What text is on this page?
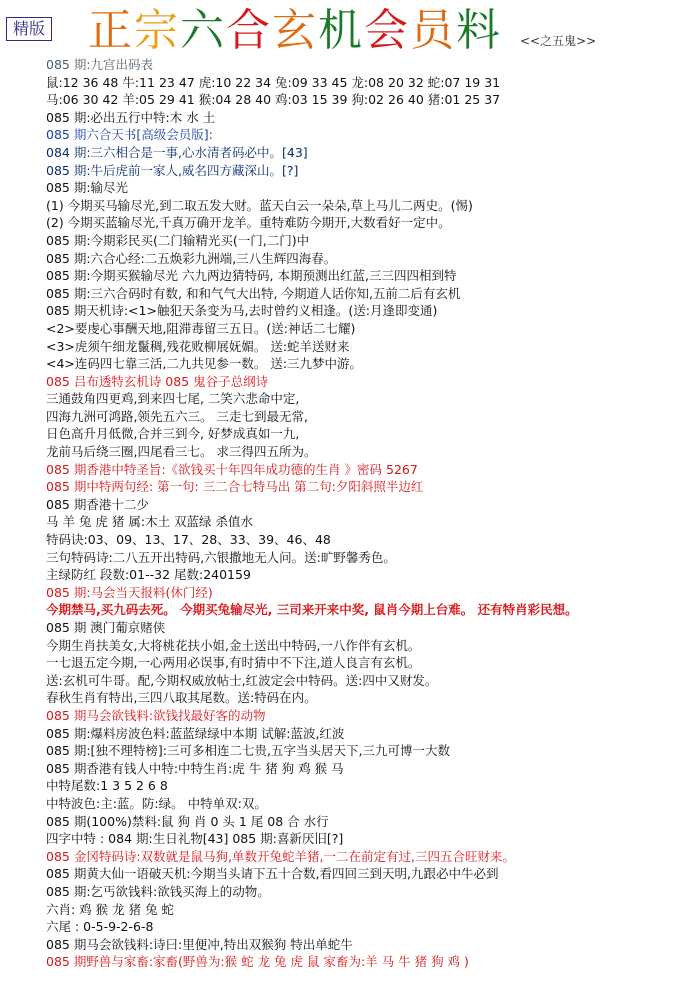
精版 正宗六合玄机会员料 <<之五鬼>>
085 期:九宫出码表
鼠:12 36 48 牛:11 23 47 虎:10 22 34 兔:09 33 45 龙:08 20 32 蛇:07 19 31
马:06 30 42 羊:05 29 41 猴:04 28 40 鸡:03 15 39 狗:02 26 40 猪:01 25 37
085 期:必出五行中特:木 水 土
085 期六合天书[高级会员版]:
084 期:三六相合是一事,心水清者码必中。[43]
085 期:牛后虎前一家人,威名四方藏深山。[?]
085 期:输尽光
(1) 今期买马输尽光,到二取五发大财。蓝天白云一朵朵,草上马儿二两史。(惕)
(2) 今期买蓝输尽光,千真万确开龙羊。重特难防今期开,大数看好一定中。
085 期:今期彩民买(二门输精光买(一门,二门)中
085 期:六合心经:二五焕彩九洲端,三八生辉四海春。
085 期:今期买猴输尽光 六九两边猜特码, 本期预测出红蓝,三三四四相到特
085 期:三六合码时有数, 和和气气大出特, 今期道人话你知,五前二后有玄机
085 期天机诗:<1>触犯天条变为马,去时曾约义相逢。(送:月逢即变通)
<2>要虔心事酬天地,阻滞毒留三五日。(送:神话二七耀)
<3>虎须午细龙鬣稠,残花败柳展妩媚。 送:蛇羊送财来
<4>连码四七靠三活,二九共见参一数。 送:三九梦中游。
085 吕布透特玄机诗 085 鬼谷子总纲诗
三通鼓角四更鸡,到来四七尾, 二笑六悲命中定,
四海九洲可鸿路,领先五六三。 三走七到最无常,
日色高升月低微,合并三到今, 好梦成真如一九,
龙前马后绕三圈,四尾看三七。 求三得四五所为。
085 期香港中特圣旨:《欲钱买十年四年成功德的生肖 》密码 5267
085 期中特两句经: 第一句: 三二合七特马出 第二句:夕阳斜照半边红
085 期香港十二少
马 羊 兔 虎 猪 属:木土 双蓝绿 杀值水
特码诀:03、09、13、17、28、33、39、46、48
三句特码诗:二八五开出特码,六银撒地无人问。送:旷野馨秀色。
主绿防红 段数:01--32 尾数:240159
085 期:马会当天报料(休门经)
今期禁马,买九码去死。 今期买兔输尽光, 三司来开来中奖, 鼠肖今期上台难。 还有特肖彩民想。
085 期 澳门葡京赌侠
今期生肖扶美女,大将桃花扶小姐,金土送出中特码,一八作伴有玄机。
一七退五定今期,一心两用必误事,有时猜中不下注,道人良言有玄机。
送:玄机可牛哥。配,今期权威放帖士,红波定会中特码。送:四中又财发。
春秋生肖有特出,三四八取其尾数。送:特码在内。
085 期马会欲钱料:欲钱找最好客的动物
085 期:爆料房波色料:蓝蓝绿绿中本期 试解:蓝波,红波
085 期:[独不理特榜]:三可多相连二七贵,五字当头居天下,三九可博一大数
085 期香港有钱人中特:中特生肖:虎 牛 猪 狗 鸡 猴 马
中特尾数:1 3 5 2 6 8
中特波色:主:蓝。防:绿。 中特单双:双。
085 期(100%)禁料:鼠 狗 肖 0 头 1 尾 08 合 水行
四字中特 : 084 期:生日礼物[43] 085 期:喜新厌旧[?]
085 金冈特码诗:双数就是鼠马狗,单数开兔蛇羊猪,一二在前定有过,三四五合旺财来。
085 期黄大仙一语破天机:今期当头请下五十合数,看四回三到天明,九跟必中牛必到
085 期:乞丐欲钱料:欲钱买海上的动物。
六肖: 鸡 猴 龙 猪 兔 蛇
六尾 : 0-5-9-2-6-8
085 期马会欲钱料:诗曰:里便冲,特出双猴狗 特出单蛇牛
085 期野兽与家畜:家畜(野兽为:猴 蛇 龙 兔 虎 鼠 家畜为:羊 马 牛 猪 狗 鸡 )
